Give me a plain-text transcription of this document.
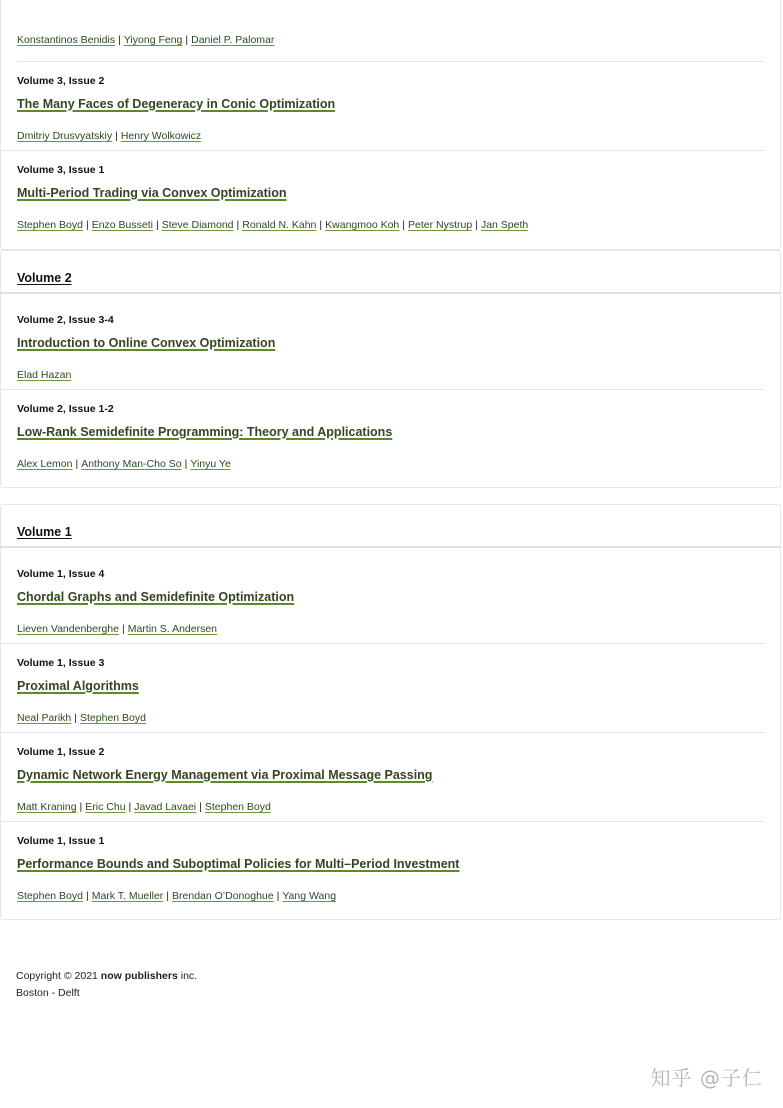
Konstantinos Benidis | Yiyong Feng | Daniel P. Palomar
Volume 3, Issue 2
The Many Faces of Degeneracy in Conic Optimization
Dmitriy Drusvyatskiy | Henry Wolkowicz
Volume 3, Issue 1
Multi-Period Trading via Convex Optimization
Stephen Boyd | Enzo Busseti | Steve Diamond | Ronald N. Kahn | Kwangmoo Koh | Peter Nystrup | Jan Speth
Volume 2
Volume 2, Issue 3-4
Introduction to Online Convex Optimization
Elad Hazan
Volume 2, Issue 1-2
Low-Rank Semidefinite Programming: Theory and Applications
Alex Lemon | Anthony Man-Cho So | Yinyu Ye
Volume 1
Volume 1, Issue 4
Chordal Graphs and Semidefinite Optimization
Lieven Vandenberghe | Martin S. Andersen
Volume 1, Issue 3
Proximal Algorithms
Neal Parikh | Stephen Boyd
Volume 1, Issue 2
Dynamic Network Energy Management via Proximal Message Passing
Matt Kraning | Eric Chu | Javad Lavaei | Stephen Boyd
Volume 1, Issue 1
Performance Bounds and Suboptimal Policies for Multi–Period Investment
Stephen Boyd | Mark T. Mueller | Brendan O’Donoghue | Yang Wang
Copyright © 2021 now publishers inc.
Boston - Delft
知乎 @子仁
